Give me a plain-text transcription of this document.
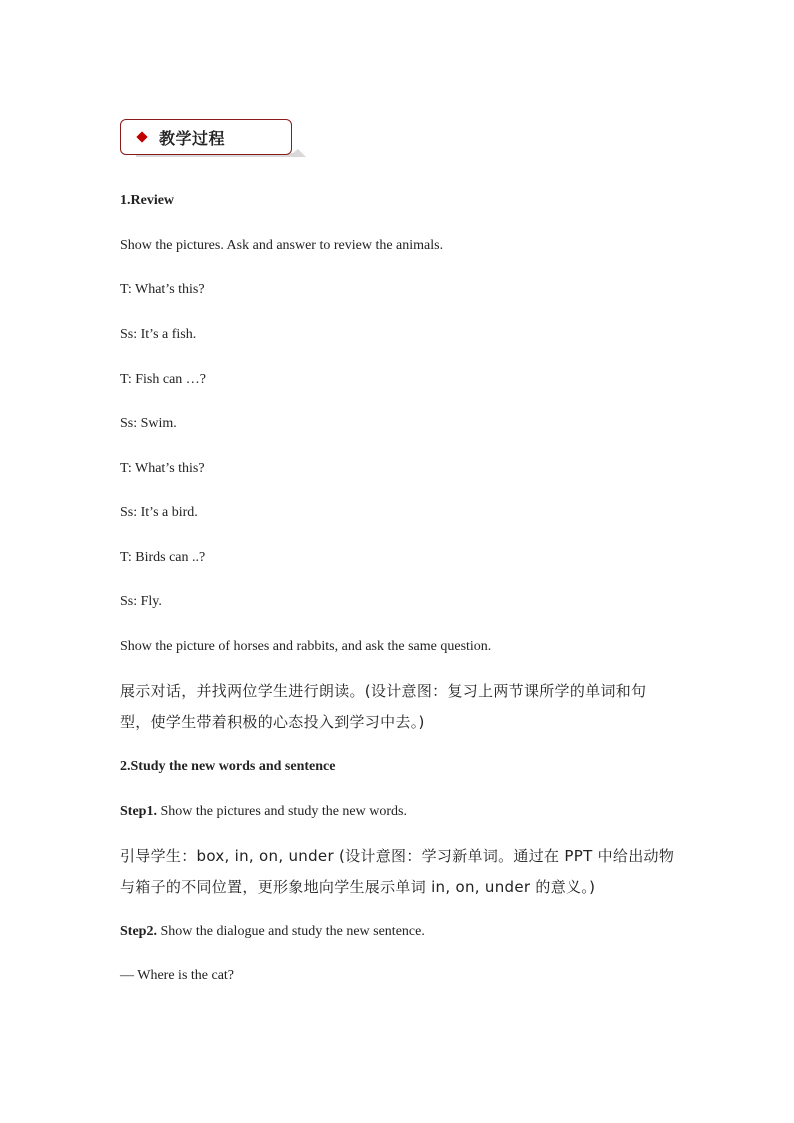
教学过程
1.Review
Show the pictures. Ask and answer to review the animals.
T: What’s this?
Ss: It’s a fish.
T: Fish can …?
Ss: Swim.
T: What’s this?
Ss: It’s a bird.
T: Birds can ..?
Ss: Fly.
Show the picture of horses and rabbits, and ask the same question.
展示对话，并找两位学生进行朗读。(设计意图：复习上两节课所学的单词和句
型，使学生带着积极的心态投入到学习中去。)
2.Study the new words and sentence
Step1. Show the pictures and study the new words.
引导学生：box, in, on, under (设计意图：学习新单词。通过在 PPT 中给出动物
与箱子的不同位置，更形象地向学生展示单词 in, on, under 的意义。)
Step2. Show the dialogue and study the new sentence.
— Where is the cat?
